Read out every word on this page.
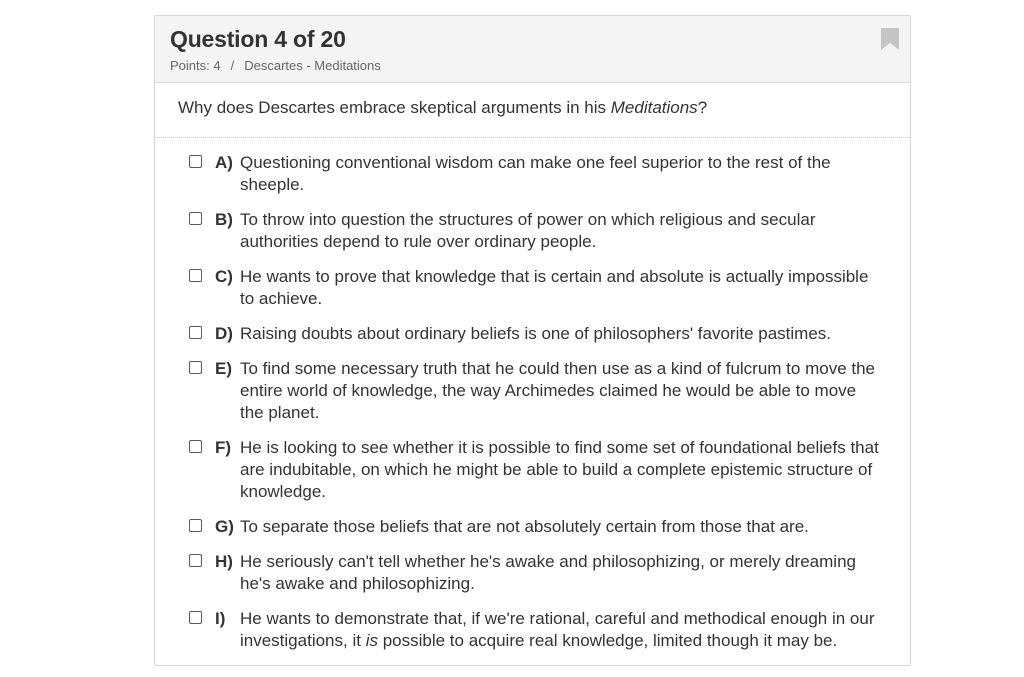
Question 4 of 20
Points: 4 / Descartes - Meditations
Why does Descartes embrace skeptical arguments in his Meditations?
A) Questioning conventional wisdom can make one feel superior to the rest of the sheeple.
B) To throw into question the structures of power on which religious and secular authorities depend to rule over ordinary people.
C) He wants to prove that knowledge that is certain and absolute is actually impossible to achieve.
D) Raising doubts about ordinary beliefs is one of philosophers' favorite pastimes.
E) To find some necessary truth that he could then use as a kind of fulcrum to move the entire world of knowledge, the way Archimedes claimed he would be able to move the planet.
F) He is looking to see whether it is possible to find some set of foundational beliefs that are indubitable, on which he might be able to build a complete epistemic structure of knowledge.
G) To separate those beliefs that are not absolutely certain from those that are.
H) He seriously can't tell whether he's awake and philosophizing, or merely dreaming he's awake and philosophizing.
I) He wants to demonstrate that, if we're rational, careful and methodical enough in our investigations, it is possible to acquire real knowledge, limited though it may be.
